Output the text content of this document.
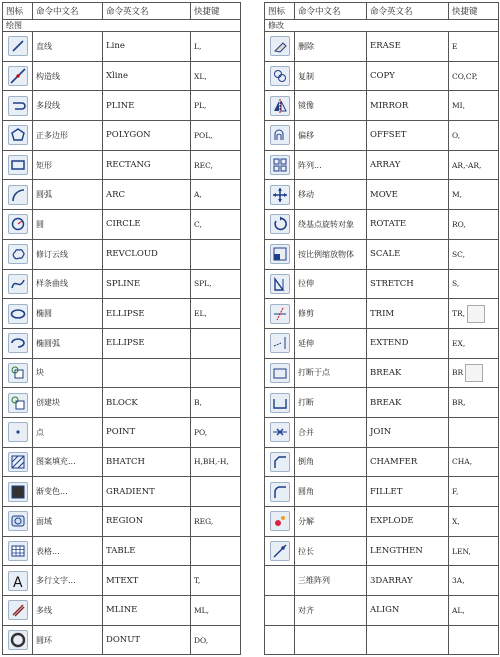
图标	命令中文名	命令英文名	快捷键
绘图			

	直线	Line	L,

	构造线	Xline	XL,

	多段线	PLINE	PL,

	正多边形	POLYGON	POL,

	矩形	RECTANG	REC,

	圆弧	ARC	A,

	圆	CIRCLE	C,

	修订云线	REVCLOUD	

	样条曲线	SPLINE	SPL,

	椭圆	ELLIPSE	EL,

	椭圆弧	ELLIPSE	

	块		

	创建块	BLOCK	B,

	点	POINT	PO,

	图案填充...	BHATCH	H,BH,-H,

	渐变色...	GRADIENT	

	面域	REGION	REG,

	表格...	TABLE	

A	多行文字...	MTEXT	T,

	多线	MLINE	ML,

	圆环	DONUT	DO,
图标	命令中文名	命令英文名	快捷键
修改			

	删除	ERASE	E

	复制	COPY	CO,CP,

	镜像	MIRROR	MI,

	偏移	OFFSET	O,

	阵列...	ARRAY	AR,-AR,

	移动	MOVE	M,

	绕基点旋转对象	ROTATE	RO,

	按比例缩放物体	SCALE	SC,

	拉伸	STRETCH	S,

	修剪	TRIM	TR,

	延伸	EXTEND	EX,

	打断于点	BREAK	BR

	打断	BREAK	BR,

	合并	JOIN	

	倒角	CHAMFER	CHA,

	圆角	FILLET	F,

	分解	EXPLODE	X,

	拉长	LENGTHEN	LEN,
	三维阵列	3DARRAY	3A,
	对齐	ALIGN	AL,
